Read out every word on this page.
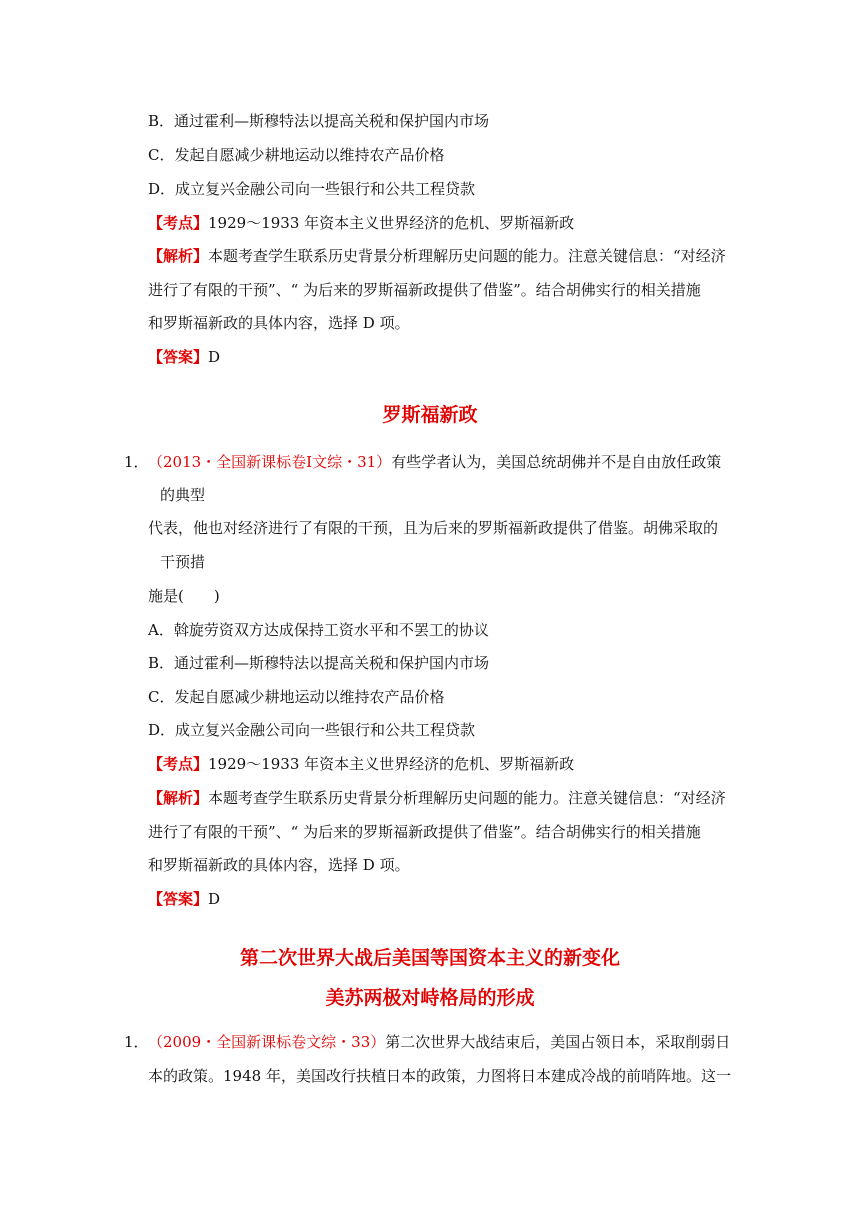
B．通过霍利—斯穆特法以提高关税和保护国内市场
C．发起自愿减少耕地运动以维持农产品价格
D．成立复兴金融公司向一些银行和公共工程贷款
【考点】1929～1933 年资本主义世界经济的危机、罗斯福新政
【解析】本题考查学生联系历史背景分析理解历史问题的能力。注意关键信息：“对经济
进行了有限的干预”、“ 为后来的罗斯福新政提供了借鉴”。结合胡佛实行的相关措施
和罗斯福新政的具体内容，选择 D 项。
【答案】D
罗斯福新政
1． （2013・全国新课标卷Ⅰ文综・31）有些学者认为，美国总统胡佛并不是自由放任政策
的典型
代表，他也对经济进行了有限的干预，且为后来的罗斯福新政提供了借鉴。胡佛采取的
干预措
施是(　　)
A．斡旋劳资双方达成保持工资水平和不罢工的协议
B．通过霍利—斯穆特法以提高关税和保护国内市场
C．发起自愿减少耕地运动以维持农产品价格
D．成立复兴金融公司向一些银行和公共工程贷款
【考点】1929～1933 年资本主义世界经济的危机、罗斯福新政
【解析】本题考查学生联系历史背景分析理解历史问题的能力。注意关键信息：“对经济
进行了有限的干预”、“ 为后来的罗斯福新政提供了借鉴”。结合胡佛实行的相关措施
和罗斯福新政的具体内容，选择 D 项。
【答案】D
第二次世界大战后美国等国资本主义的新变化
美苏两极对峙格局的形成
1． （2009・全国新课标卷文综・33）第二次世界大战结束后，美国占领日本，采取削弱日
本的政策。1948 年，美国改行扶植日本的政策，力图将日本建成冷战的前哨阵地。这一
